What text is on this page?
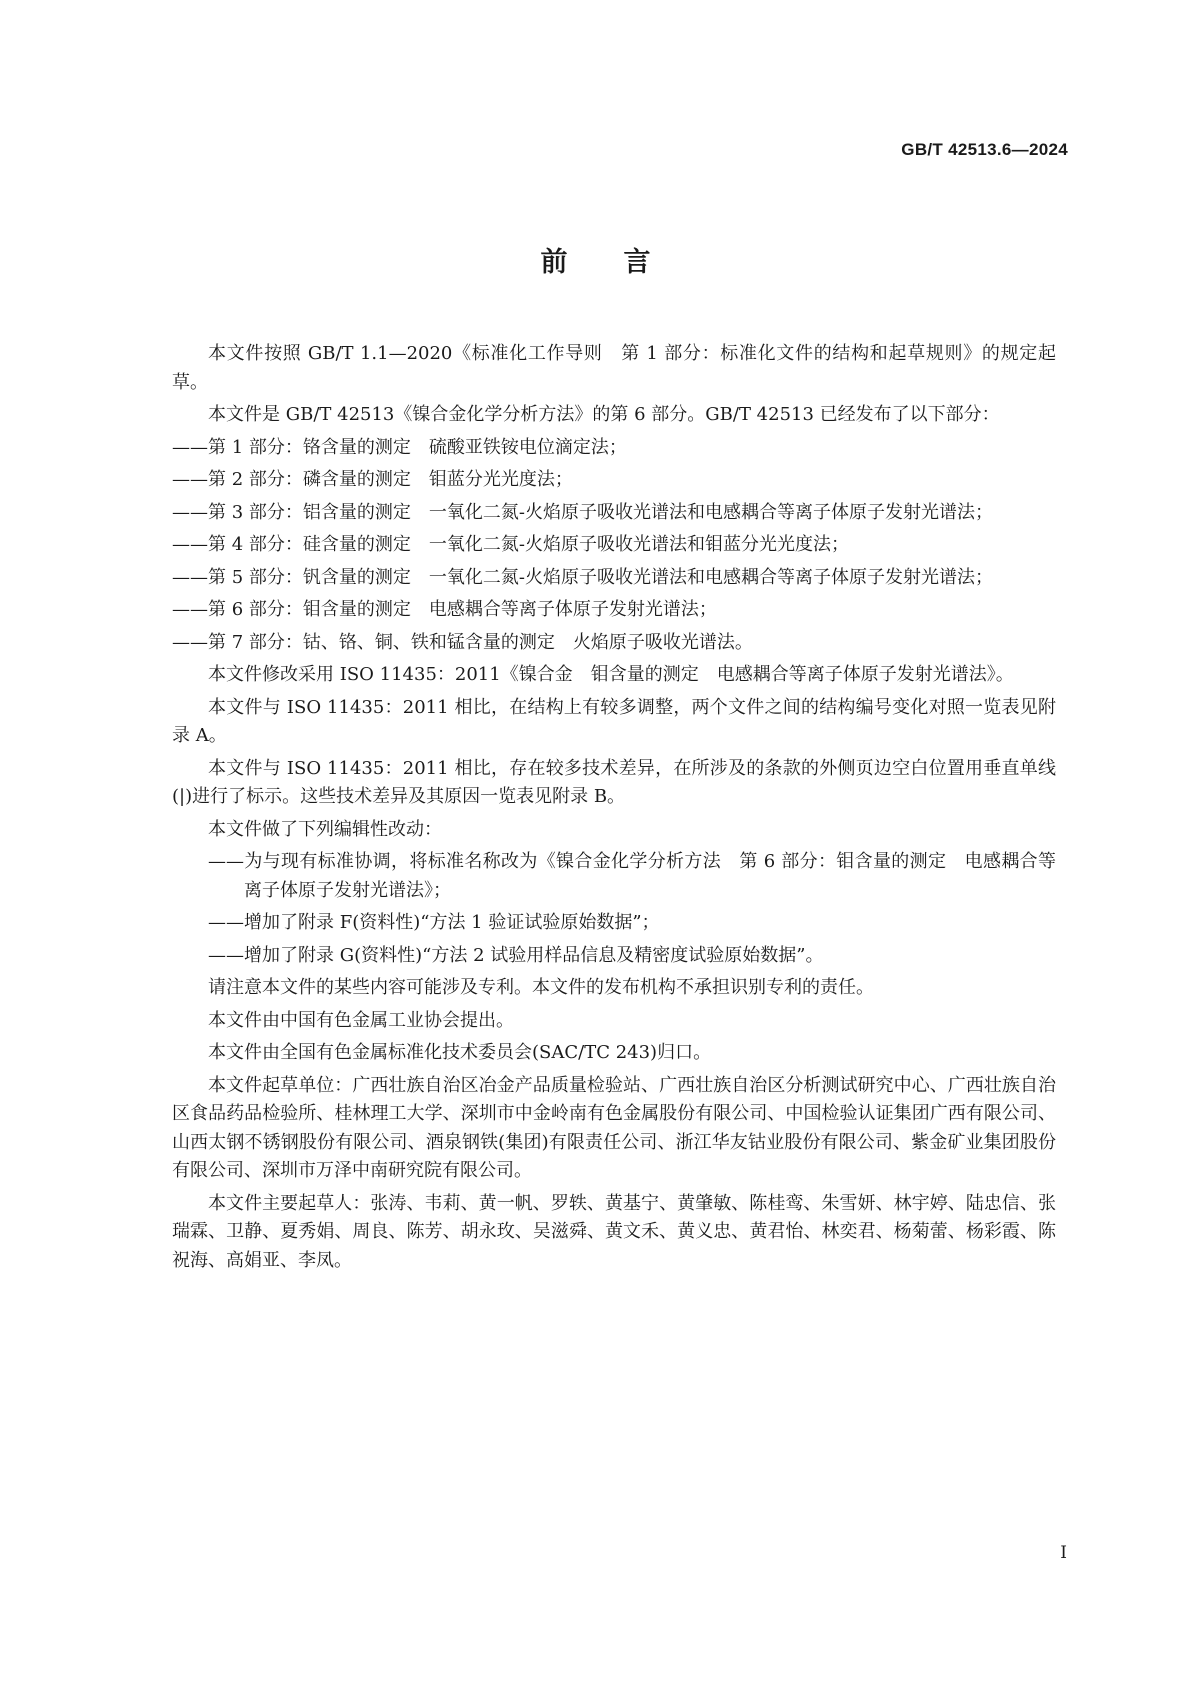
GB/T 42513.6—2024
前言

本文件按照 GB/T 1.1—2020《标准化工作导则　第 1 部分：标准化文件的结构和起草规则》的规定起草。

本文件是 GB/T 42513《镍合金化学分析方法》的第 6 部分。GB/T 42513 已经发布了以下部分：

——第 1 部分：铬含量的测定　硫酸亚铁铵电位滴定法；

——第 2 部分：磷含量的测定　钼蓝分光光度法；

——第 3 部分：铝含量的测定　一氧化二氮-火焰原子吸收光谱法和电感耦合等离子体原子发射光谱法；

——第 4 部分：硅含量的测定　一氧化二氮-火焰原子吸收光谱法和钼蓝分光光度法；

——第 5 部分：钒含量的测定　一氧化二氮-火焰原子吸收光谱法和电感耦合等离子体原子发射光谱法；

——第 6 部分：钼含量的测定　电感耦合等离子体原子发射光谱法；

——第 7 部分：钴、铬、铜、铁和锰含量的测定　火焰原子吸收光谱法。

本文件修改采用 ISO 11435：2011《镍合金　钼含量的测定　电感耦合等离子体原子发射光谱法》。

本文件与 ISO 11435：2011 相比，在结构上有较多调整，两个文件之间的结构编号变化对照一览表见附录 A。

本文件与 ISO 11435：2011 相比，存在较多技术差异，在所涉及的条款的外侧页边空白位置用垂直单线(|)进行了标示。这些技术差异及其原因一览表见附录 B。

本文件做了下列编辑性改动：

——为与现有标准协调，将标准名称改为《镍合金化学分析方法　第 6 部分：钼含量的测定　电感耦合等离子体原子发射光谱法》；

——增加了附录 F(资料性)“方法 1 验证试验原始数据”；

——增加了附录 G(资料性)“方法 2 试验用样品信息及精密度试验原始数据”。

请注意本文件的某些内容可能涉及专利。本文件的发布机构不承担识别专利的责任。

本文件由中国有色金属工业协会提出。

本文件由全国有色金属标准化技术委员会(SAC/TC 243)归口。

本文件起草单位：广西壮族自治区冶金产品质量检验站、广西壮族自治区分析测试研究中心、广西壮族自治区食品药品检验所、桂林理工大学、深圳市中金岭南有色金属股份有限公司、中国检验认证集团广西有限公司、山西太钢不锈钢股份有限公司、酒泉钢铁(集团)有限责任公司、浙江华友钴业股份有限公司、紫金矿业集团股份有限公司、深圳市万泽中南研究院有限公司。

本文件主要起草人：张涛、韦莉、黄一帆、罗轶、黄基宁、黄肇敏、陈桂鸾、朱雪妍、林宇婷、陆忠信、张瑞霖、卫静、夏秀娟、周良、陈芳、胡永玫、吴滋舜、黄文禾、黄义忠、黄君怡、林奕君、杨菊蕾、杨彩霞、陈祝海、高娟亚、李凤。

I
